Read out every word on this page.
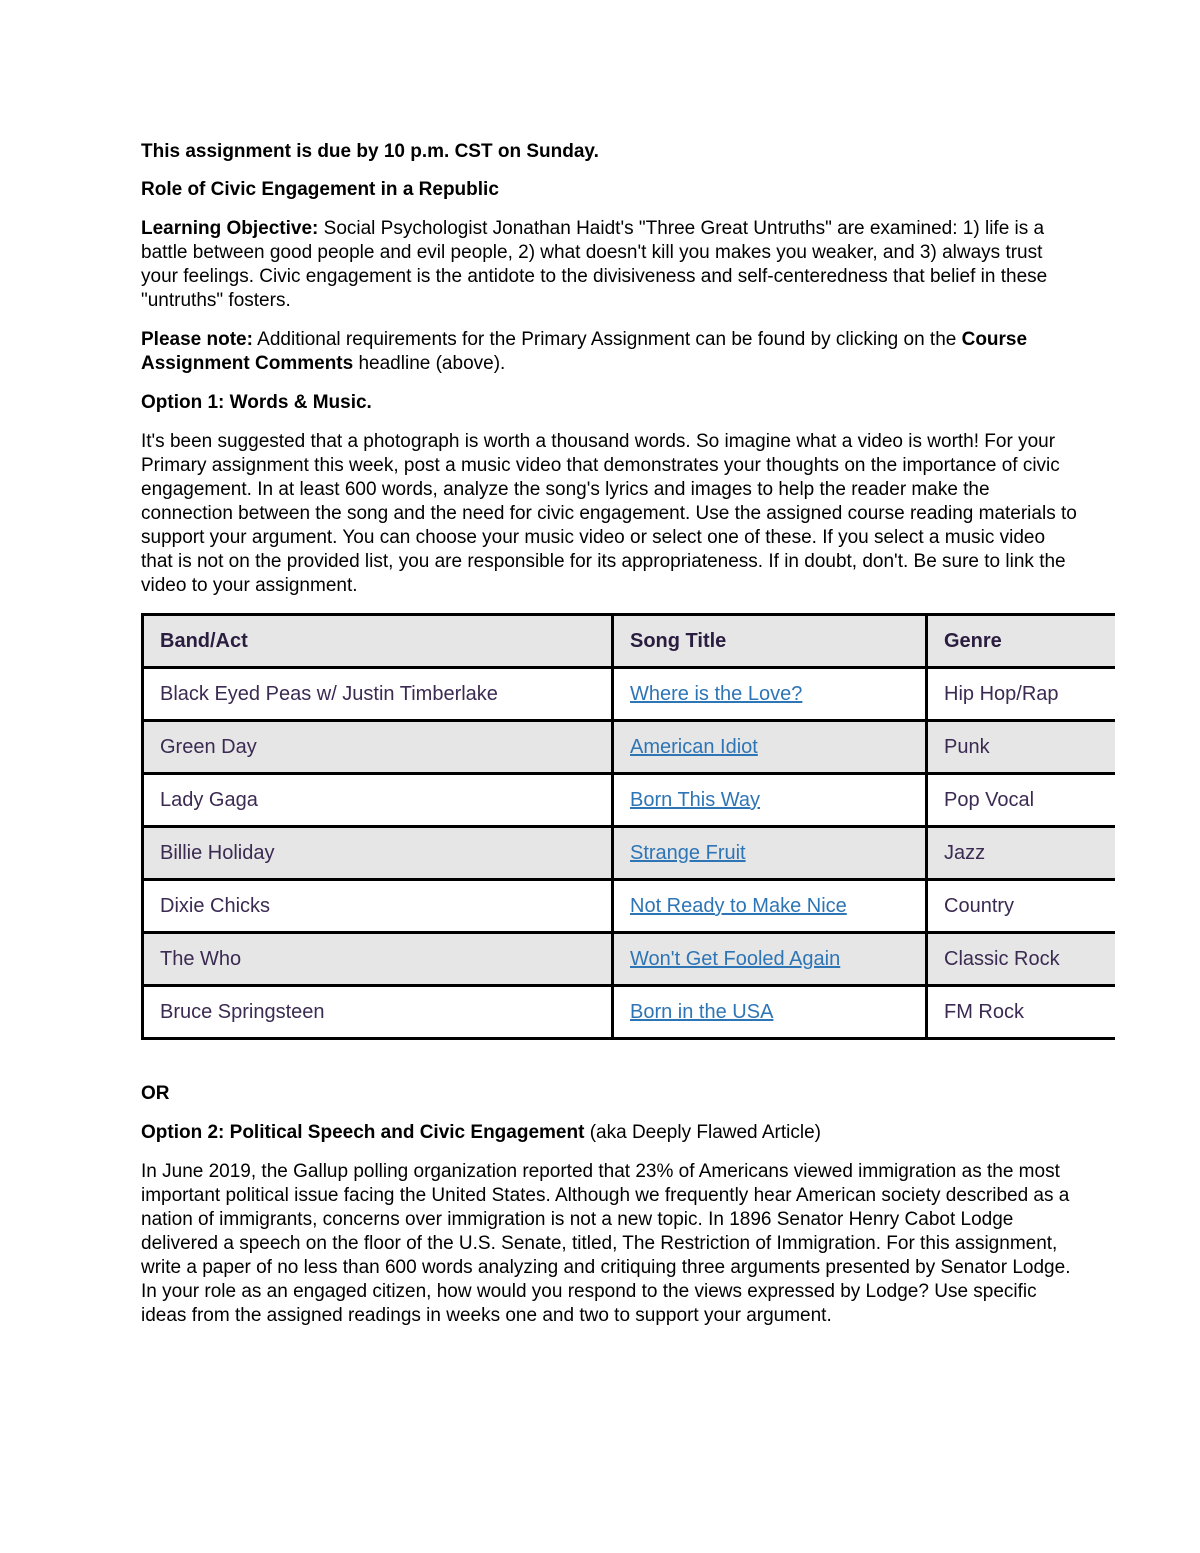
This assignment is due by 10 p.m. CST on Sunday.

Role of Civic Engagement in a Republic

Learning Objective: Social Psychologist Jonathan Haidt's "Three Great Untruths" are examined: 1) life is a battle between good people and evil people, 2) what doesn't kill you makes you weaker, and 3) always trust your feelings. Civic engagement is the antidote to the divisiveness and self-centeredness that belief in these "untruths" fosters.

Please note: Additional requirements for the Primary Assignment can be found by clicking on the Course Assignment Comments headline (above).

Option 1: Words & Music.

It's been suggested that a photograph is worth a thousand words. So imagine what a video is worth! For your Primary assignment this week, post a music video that demonstrates your thoughts on the importance of civic engagement. In at least 600 words, analyze the song's lyrics and images to help the reader make the connection between the song and the need for civic engagement. Use the assigned course reading materials to support your argument. You can choose your music video or select one of these. If you select a music video that is not on the provided list, you are responsible for its appropriateness. If in doubt, don't. Be sure to link the video to your assignment.

Band/Act	Song Title	Genre
Black Eyed Peas w/ Justin Timberlake	Where is the Love?	Hip Hop/Rap
Green Day	American Idiot	Punk
Lady Gaga	Born This Way	Pop Vocal
Billie Holiday	Strange Fruit	Jazz
Dixie Chicks	Not Ready to Make Nice	Country
The Who	Won't Get Fooled Again	Classic Rock
Bruce Springsteen	Born in the USA	FM Rock

OR

Option 2: Political Speech and Civic Engagement (aka Deeply Flawed Article)

In June 2019, the Gallup polling organization reported that 23% of Americans viewed immigration as the most important political issue facing the United States. Although we frequently hear American society described as a nation of immigrants, concerns over immigration is not a new topic. In 1896 Senator Henry Cabot Lodge delivered a speech on the floor of the U.S. Senate, titled, The Restriction of Immigration. For this assignment, write a paper of no less than 600 words analyzing and critiquing three arguments presented by Senator Lodge. In your role as an engaged citizen, how would you respond to the views expressed by Lodge? Use specific ideas from the assigned readings in weeks one and two to support your argument.
